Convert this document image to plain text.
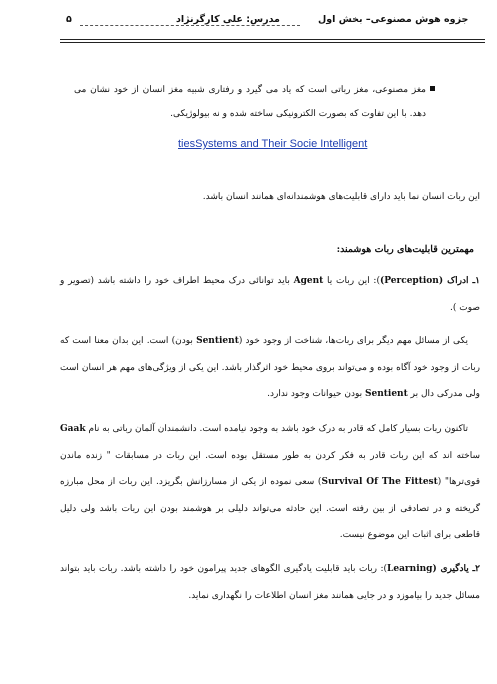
۵	مدرس: علی کارگرنژاد	جزوه هوش مصنوعی– بخش اول
مغز مصنوعی، مغز رباتی است که یاد می گیرد و رفتاری شبیه مغز انسان از خود نشان می دهد. با این تفاوت که بصورت الکترونیکی ساخته شده و نه بیولوژیکی.
tiesSystems and Their Socie Intelligent
این ربات انسان نما باید دارای قابلیت‌های هوشمندانه‌ای همانند انسان باشد.
مهمترین قابلیت‌های ربات هوشمند:
۱ـ ادراک (Perception)): این ربات یا Agent باید توانائی درک محیط اطراف خود را داشته باشد (تصویر و صوت ).
یکی از مسائل مهم دیگر برای ربات‌ها، شناخت از وجود خود (Sentient بودن) است. این بدان معنا است که ربات از وجود خود آگاه بوده و می‌تواند بروی محیط خود اثرگذار باشد. این یکی از ویژگی‌های مهم هر انسان است ولی مدرکی دال بر Sentient بودن حیوانات وجود ندارد.
تاکنون ربات بسیار کامل که قادر به درک خود باشد به وجود نیامده است. دانشمندان آلمان رباتی به نام Gaak ساخته اند که این ربات قادر به فکر کردن به طور مستقل بوده است. این ربات در مسابقات " زنده ماندن قوی‌ترها" (Survival Of The Fittest) سعی نموده از یکی از مسارزانش بگریزد. این ربات از محل مبارزه گریخته و در تصادفی از بین رفته است. این حادثه می‌تواند دلیلی بر هوشمند بودن این ربات باشد ولی دلیل قاطعی برای اثبات این موضوع نیست.
۲ـ یادگیری (Learning): ربات باید قابلیت یادگیری الگوهای جدید پیرامون خود را داشته باشد. ربات باید بتواند مسائل جدید را بیاموزد و در جایی همانند مغز انسان اطلاعات را نگهداری نماید.
